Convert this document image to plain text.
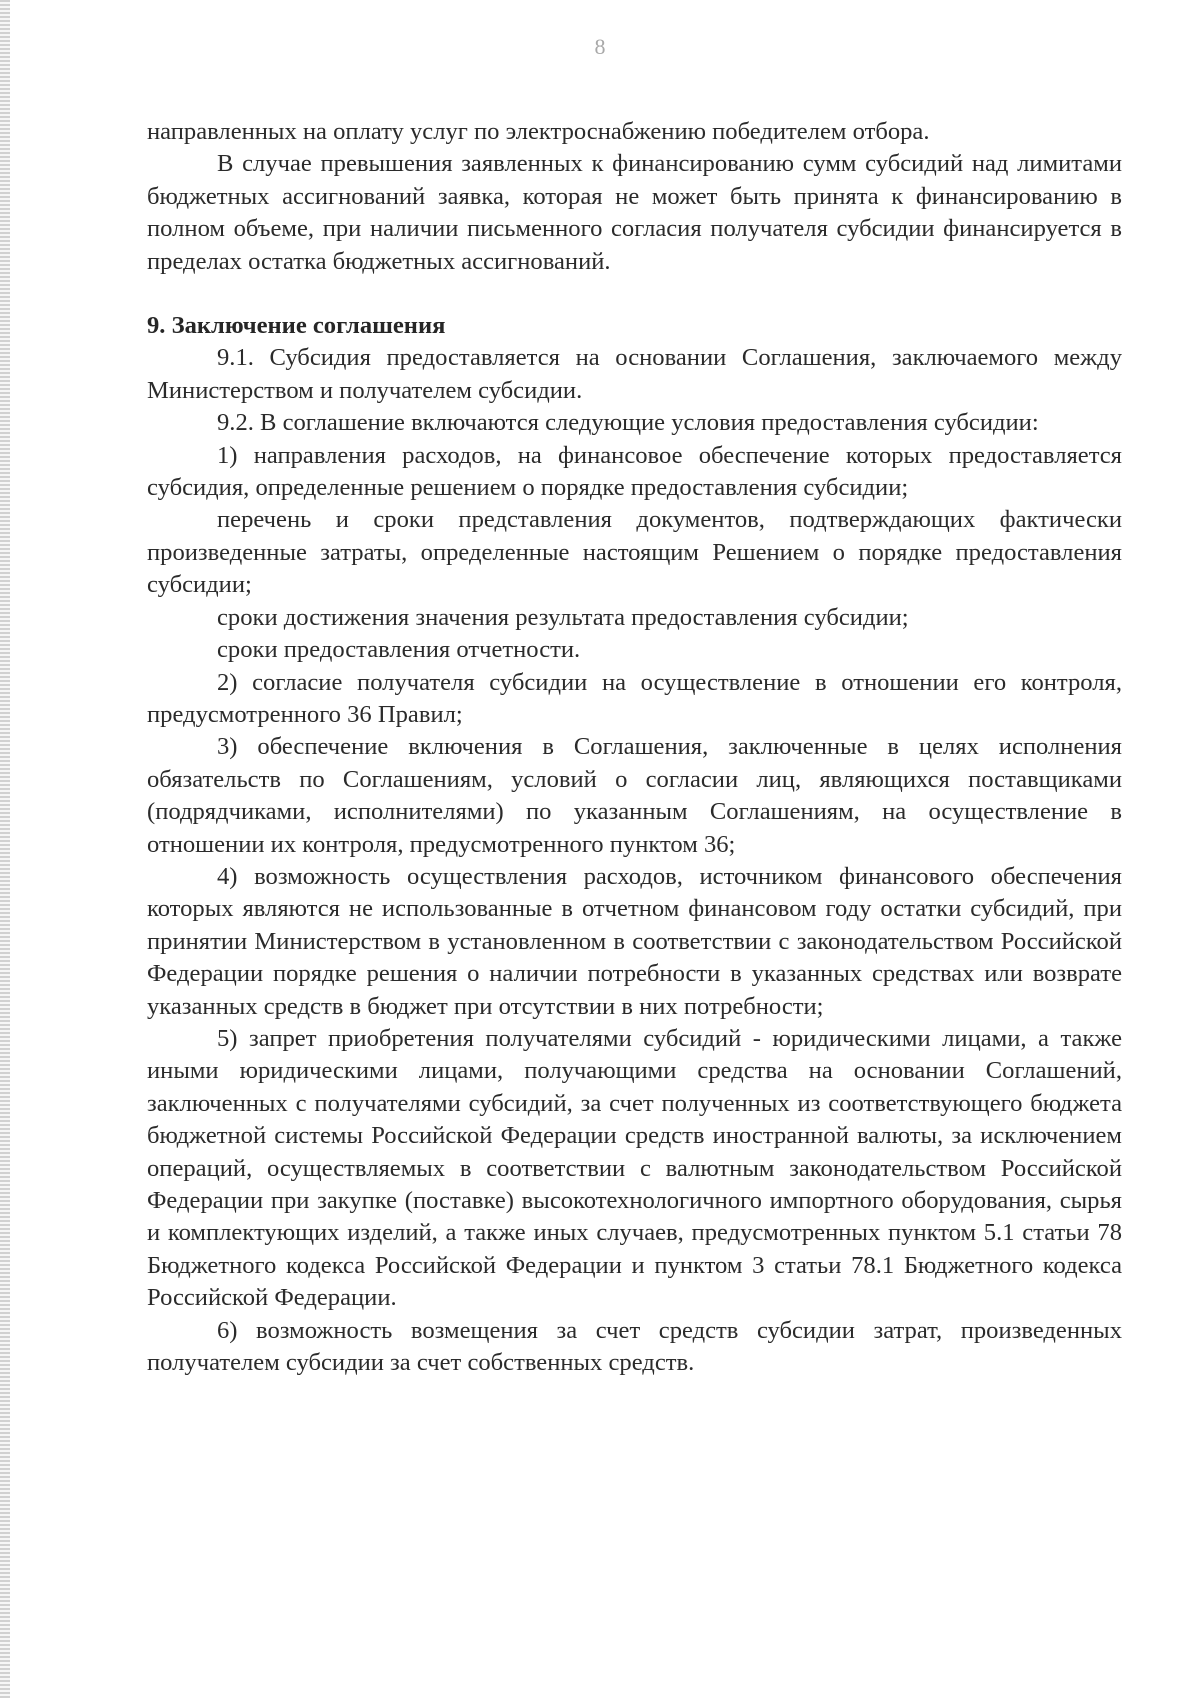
8

направленных на оплату услуг по электроснабжению победителем отбора.

В случае превышения заявленных к финансированию сумм субсидий над лимитами бюджетных ассигнований заявка, которая не может быть принята к финансированию в полном объеме, при наличии письменного согласия получателя субсидии финансируется в пределах остатка бюджетных ассигнований.

9. Заключение соглашения

9.1. Субсидия предоставляется на основании Соглашения, заключаемого между Министерством и получателем субсидии.

9.2. В соглашение включаются следующие условия предоставления субсидии:

1) направления расходов, на финансовое обеспечение которых предоставляется субсидия, определенные решением о порядке предоставления субсидии;

перечень и сроки представления документов, подтверждающих фактически произведенные затраты, определенные настоящим Решением о порядке предоставления субсидии;

сроки достижения значения результата предоставления субсидии;

сроки предоставления отчетности.

2) согласие получателя субсидии на осуществление в отношении его контроля, предусмотренного 36 Правил;

3) обеспечение включения в Соглашения, заключенные в целях исполнения обязательств по Соглашениям, условий о согласии лиц, являющихся поставщиками (подрядчиками, исполнителями) по указанным Соглашениям, на осуществление в отношении их контроля, предусмотренного пунктом 36;

4) возможность осуществления расходов, источником финансового обеспечения которых являются не использованные в отчетном финансовом году остатки субсидий, при принятии Министерством в установленном в соответствии с законодательством Российской Федерации порядке решения о наличии потребности в указанных средствах или возврате указанных средств в бюджет при отсутствии в них потребности;

5) запрет приобретения получателями субсидий - юридическими лицами, а также иными юридическими лицами, получающими средства на основании Соглашений, заключенных с получателями субсидий, за счет полученных из соответствующего бюджета бюджетной системы Российской Федерации средств иностранной валюты, за исключением операций, осуществляемых в соответствии с валютным законодательством Российской Федерации при закупке (поставке) высокотехнологичного импортного оборудования, сырья и комплектующих изделий, а также иных случаев, предусмотренных пунктом 5.1 статьи 78 Бюджетного кодекса Российской Федерации и пунктом 3 статьи 78.1 Бюджетного кодекса Российской Федерации.

6) возможность возмещения за счет средств субсидии затрат, произведенных получателем субсидии за счет собственных средств.
